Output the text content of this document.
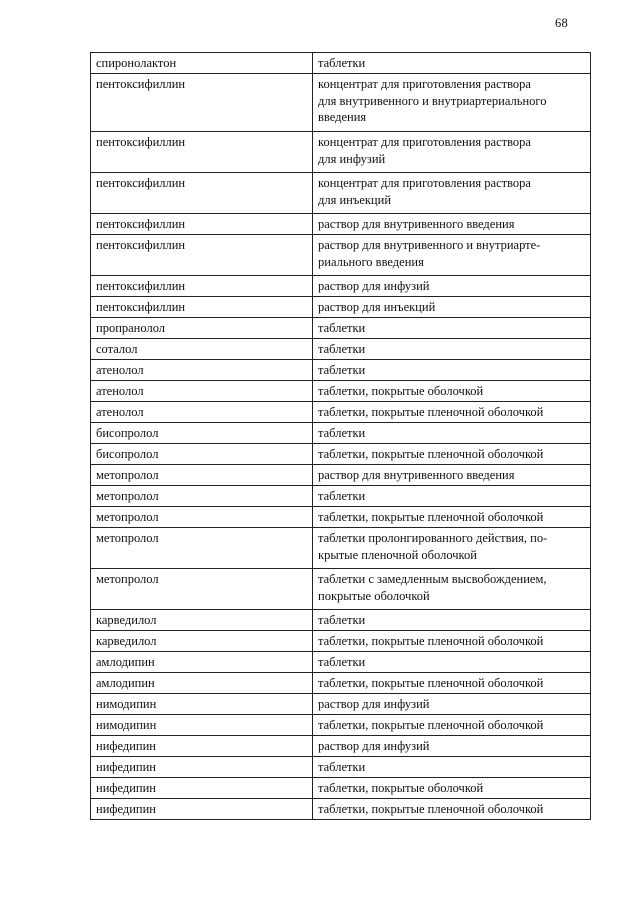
68
спиронолактон	таблетки
пентоксифиллин	концентрат для приготовления раствора
для внутривенного и внутриартериального
введения
пентоксифиллин	концентрат для приготовления раствора
для инфузий
пентоксифиллин	концентрат для приготовления раствора
для инъекций
пентоксифиллин	раствор для внутривенного введения
пентоксифиллин	раствор для внутривенного и внутриарте-
риального введения
пентоксифиллин	раствор для инфузий
пентоксифиллин	раствор для инъекций
пропранолол	таблетки
соталол	таблетки
атенолол	таблетки
атенолол	таблетки, покрытые оболочкой
атенолол	таблетки, покрытые пленочной оболочкой
бисопролол	таблетки
бисопролол	таблетки, покрытые пленочной оболочкой
метопролол	раствор для внутривенного введения
метопролол	таблетки
метопролол	таблетки, покрытые пленочной оболочкой
метопролол	таблетки пролонгированного действия, по-
крытые пленочной оболочкой
метопролол	таблетки с замедленным высвобождением,
покрытые оболочкой
карведилол	таблетки
карведилол	таблетки, покрытые пленочной оболочкой
амлодипин	таблетки
амлодипин	таблетки, покрытые пленочной оболочкой
нимодипин	раствор для инфузий
нимодипин	таблетки, покрытые пленочной оболочкой
нифедипин	раствор для инфузий
нифедипин	таблетки
нифедипин	таблетки, покрытые оболочкой
нифедипин	таблетки, покрытые пленочной оболочкой
